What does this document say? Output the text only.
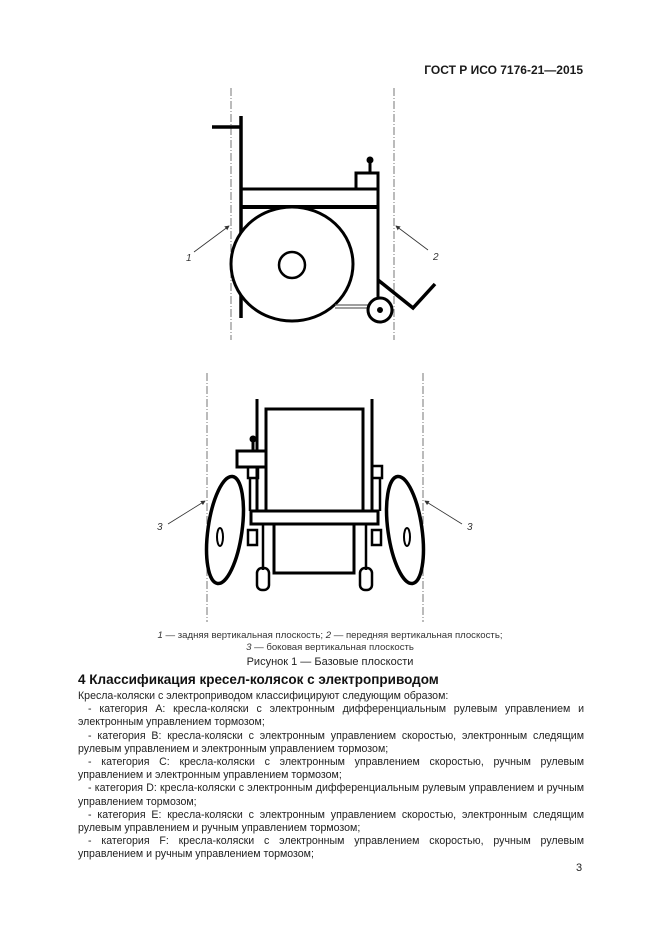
ГОСТ Р ИСО 7176-21—2015
1	2
3	3
1 — задняя вертикальная плоскость; 2 — передняя вертикальная плоскость;
3 — боковая вертикальная плоскость
Рисунок 1 — Базовые плоскости
4 Классификация кресел-колясок с электроприводом

Кресла-коляски с электроприводом классифицируют следующим образом:

- категория А: кресла-коляски с электронным дифференциальным рулевым управлением и электронным управлением тормозом;

- категория В: кресла-коляски с электронным управлением скоростью, электронным следящим рулевым управлением и электронным управлением тормозом;

- категория С: кресла-коляски с электронным управлением скоростью, ручным рулевым управлением и электронным управлением тормозом;

- категория D: кресла-коляски с электронным дифференциальным рулевым управлением и ручным управлением тормозом;

- категория Е: кресла-коляски с электронным управлением скоростью, электронным следящим рулевым управлением и ручным управлением тормозом;

- категория F: кресла-коляски с электронным управлением скоростью, ручным рулевым управлением и ручным управлением тормозом;

3
